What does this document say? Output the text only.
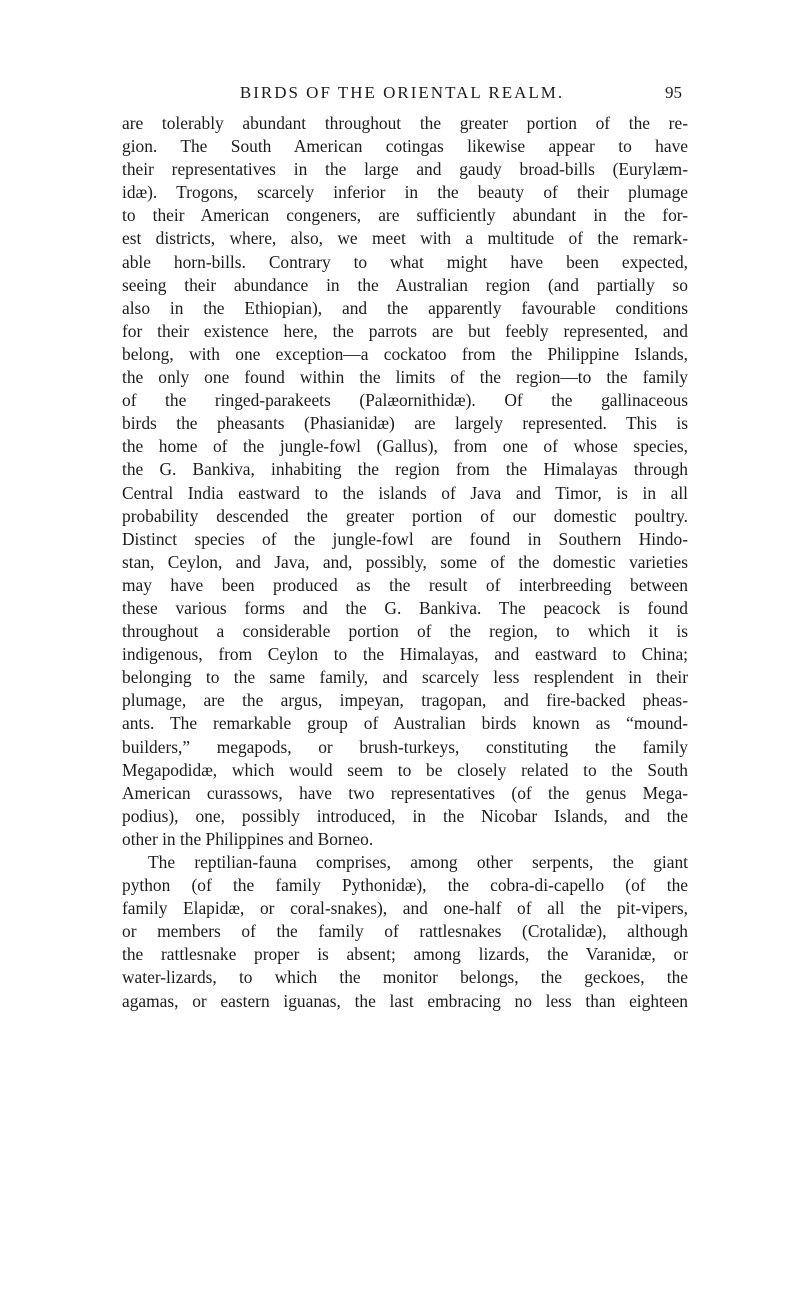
BIRDS OF THE ORIENTAL REALM.	95
are tolerably abundant throughout the greater portion of the re-
gion. The South American cotingas likewise appear to have
their representatives in the large and gaudy broad-bills (Eurylæm-
idæ). Trogons, scarcely inferior in the beauty of their plumage
to their American congeners, are sufficiently abundant in the for-
est districts, where, also, we meet with a multitude of the remark-
able horn-bills. Contrary to what might have been expected,
seeing their abundance in the Australian region (and partially so
also in the Ethiopian), and the apparently favourable conditions
for their existence here, the parrots are but feebly represented, and
belong, with one exception—a cockatoo from the Philippine Islands,
the only one found within the limits of the region—to the family
of the ringed-parakeets (Palæornithidæ). Of the gallinaceous
birds the pheasants (Phasianidæ) are largely represented. This is
the home of the jungle-fowl (Gallus), from one of whose species,
the G. Bankiva, inhabiting the region from the Himalayas through
Central India eastward to the islands of Java and Timor, is in all
probability descended the greater portion of our domestic poultry.
Distinct species of the jungle-fowl are found in Southern Hindo-
stan, Ceylon, and Java, and, possibly, some of the domestic varieties
may have been produced as the result of interbreeding between
these various forms and the G. Bankiva. The peacock is found
throughout a considerable portion of the region, to which it is
indigenous, from Ceylon to the Himalayas, and eastward to China;
belonging to the same family, and scarcely less resplendent in their
plumage, are the argus, impeyan, tragopan, and fire-backed pheas-
ants. The remarkable group of Australian birds known as “mound-
builders,” megapods, or brush-turkeys, constituting the family
Megapodidæ, which would seem to be closely related to the South
American curassows, have two representatives (of the genus Mega-
podius), one, possibly introduced, in the Nicobar Islands, and the
other in the Philippines and Borneo.
The reptilian-fauna comprises, among other serpents, the giant
python (of the family Pythonidæ), the cobra-di-capello (of the
family Elapidæ, or coral-snakes), and one-half of all the pit-vipers,
or members of the family of rattlesnakes (Crotalidæ), although
the rattlesnake proper is absent; among lizards, the Varanidæ, or
water-lizards, to which the monitor belongs, the geckoes, the
agamas, or eastern iguanas, the last embracing no less than eighteen
